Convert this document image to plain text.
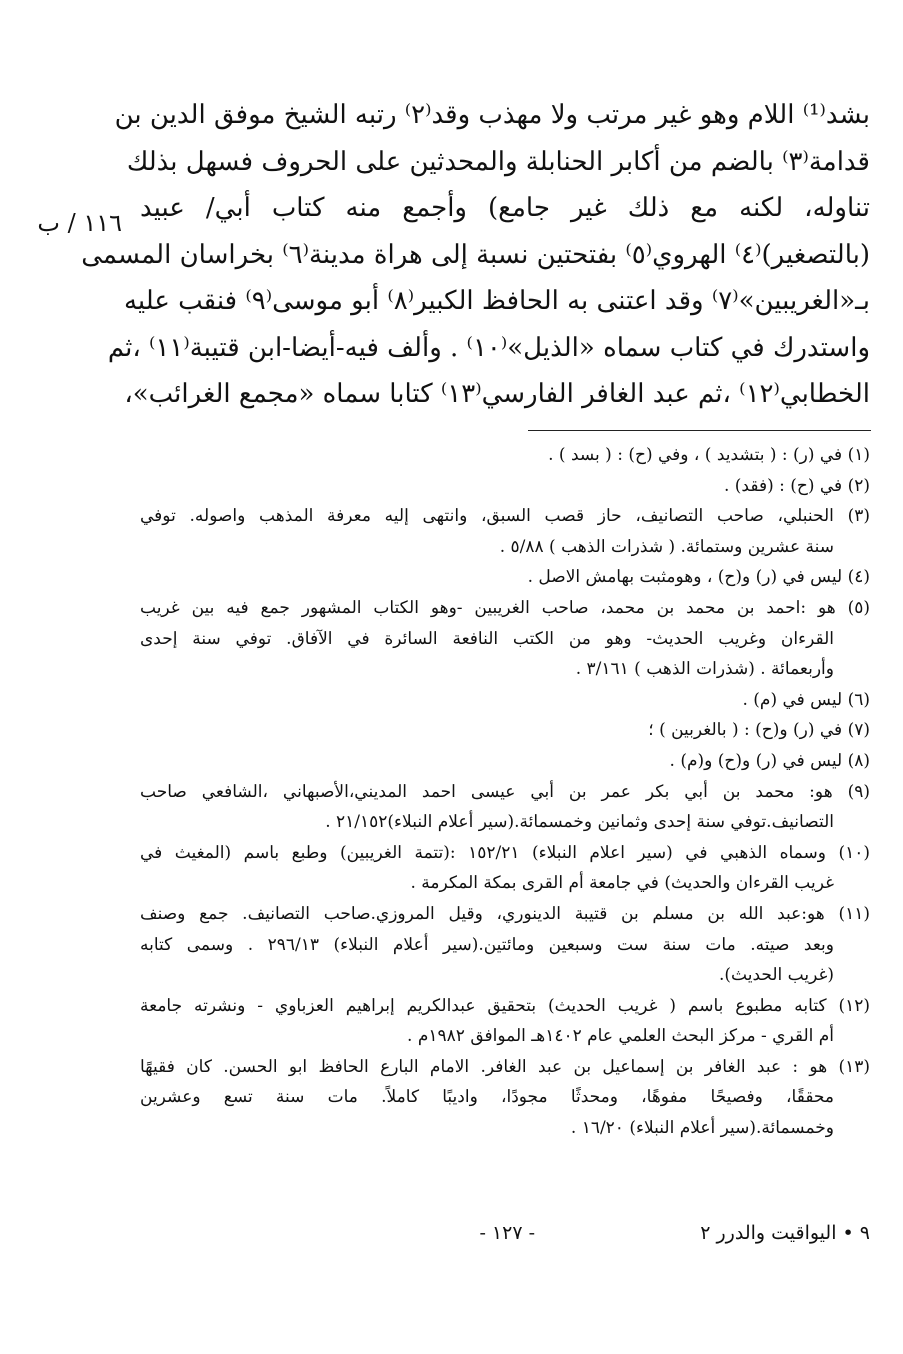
١١٦ / ب
بشد⁽¹⁾ اللام وهو غير مرتب ولا مهذب وقد⁽٢⁾ رتبه الشيخ موفق الدين بن
قدامة⁽٣⁾ بالضم من أكابر الحنابلة والمحدثين على الحروف فسهل بذلك
تناوله، لكنه مع ذلك غير جامع) وأجمع منه كتاب أبي/ عبيد
(بالتصغير)⁽٤⁾ الهروي⁽٥⁾ بفتحتين نسبة إلى هراة مدينة⁽٦⁾ بخراسان المسمى
بـ«الغريبين»⁽٧⁾ وقد اعتنى به الحافظ الكبير⁽٨⁾ أبو موسى⁽٩⁾ فنقب عليه
واستدرك في كتاب سماه «الذيل»⁽١٠⁾ . وألف فيه-أيضا-ابن قتيبة⁽١١⁾ ،ثم
الخطابي⁽١٢⁾ ،ثم عبد الغافر الفارسي⁽١٣⁾ كتابا سماه «مجمع الغرائب»،
(١) في (ر) : ( بتشديد ) ، وفي (ح) : ( بسد ) .
(٢) في (ح) : (فقد) .
(٣) الحنبلي، صاحب التصانيف، حاز قصب السبق، وانتهى إليه معرفة المذهب واصوله. توفي
سنة عشرين وستمائة. ( شذرات الذهب ) ٥/٨٨ .
(٤) ليس في (ر) و(ح) ، وهومثبت بهامش الاصل .
(٥) هو :احمد بن محمد بن محمد، صاحب الغريبين -وهو الكتاب المشهور جمع فيه بين غريب
القرءان وغريب الحديث- وهو من الكتب النافعة السائرة في الآفاق. توفي سنة إحدى
وأربعمائة . (شذرات الذهب ) ٣/١٦١ .
(٦) ليس في (م) .
(٧) في (ر) و(ح) : ( بالغربين ) ؛
(٨) ليس في (ر) و(ح) و(م) .
(٩) هو: محمد بن أبي بكر عمر بن أبي عيسى احمد المديني،الأصبهاني ،الشافعي صاحب
التصانيف.توفي سنة إحدى وثمانين وخمسمائة.(سير أعلام النبلاء)٢١/١٥٢ .
(١٠) وسماه الذهبي في (سير اعلام النبلاء) ١٥٢/٢١ :(تتمة الغريبين) وطبع باسم (المغيث في
غريب القرءان والحديث) في جامعة أم القرى بمكة المكرمة .
(١١) هو:عبد الله بن مسلم بن قتيبة الدينوري، وقيل المروزي.صاحب التصانيف. جمع وصنف
وبعد صيته. مات سنة ست وسبعين ومائتين.(سير أعلام النبلاء) ٢٩٦/١٣ . وسمى كتابه
(غريب الحديث).
(١٢) كتابه مطبوع باسم ( غريب الحديث) بتحقيق عبدالكريم إبراهيم العزباوي - ونشرته جامعة
أم القري - مركز البحث العلمي عام ١٤٠٢هـ الموافق ١٩٨٢م .
(١٣) هو : عبد الغافر بن إسماعيل بن عبد الغافر. الامام البارع الحافظ ابو الحسن. كان فقيهًا
محققًا، وفصيحًا مفوهًا، ومحدثًا مجودًا، واديبًا كاملاً. مات سنة تسع وعشرين
وخمسمائة.(سير أعلام النبلاء) ١٦/٢٠ .
٩ • اليواقيت والدرر ٢
- ١٢٧ -
